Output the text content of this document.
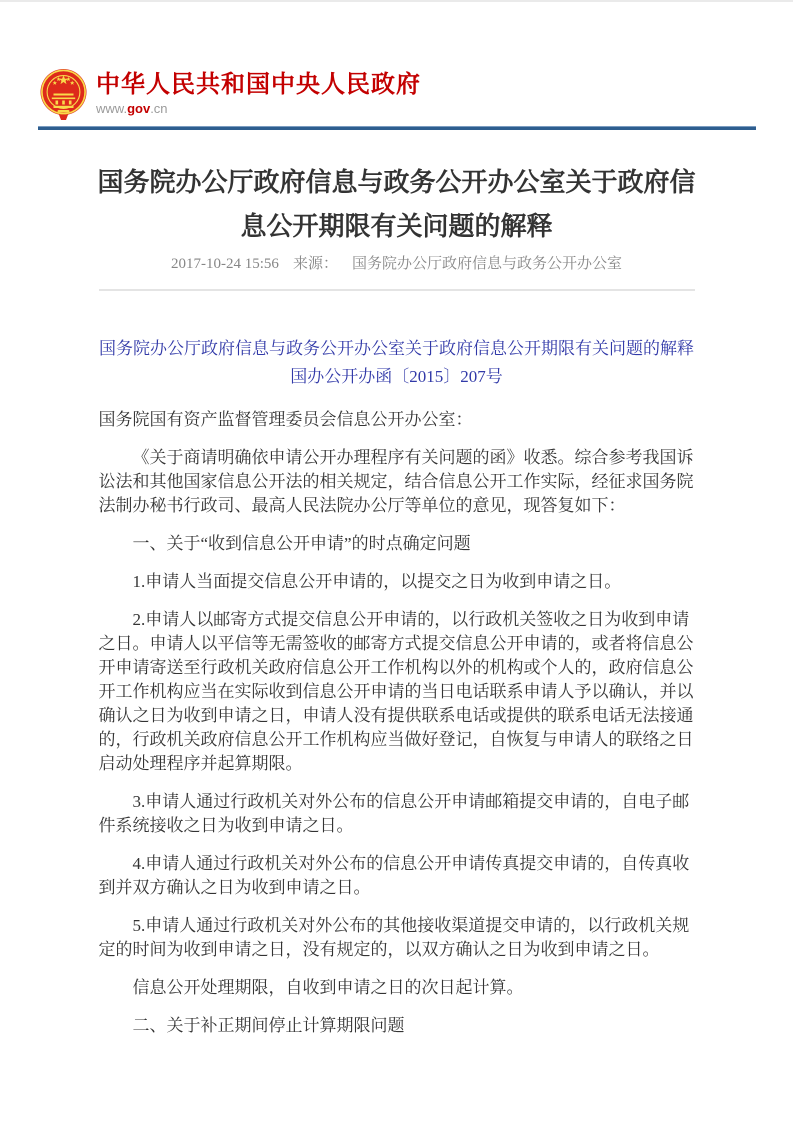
中华人民共和国中央人民政府
www.gov.cn
国务院办公厅政府信息与政务公开办公室关于政府信息公开期限有关问题的解释
2017-10-24 15:56 来源： 国务院办公厅政府信息与政务公开办公室
国务院办公厅政府信息与政务公开办公室关于政府信息公开期限有关问题的解释
国办公开办函〔2015〕207号
国务院国有资产监督管理委员会信息公开办公室：

《关于商请明确依申请公开办理程序有关问题的函》收悉。综合参考我国诉讼法和其他国家信息公开法的相关规定，结合信息公开工作实际，经征求国务院法制办秘书行政司、最高人民法院办公厅等单位的意见，现答复如下：

一、关于“收到信息公开申请”的时点确定问题

1.申请人当面提交信息公开申请的，以提交之日为收到申请之日。

2.申请人以邮寄方式提交信息公开申请的，以行政机关签收之日为收到申请之日。申请人以平信等无需签收的邮寄方式提交信息公开申请的，或者将信息公开申请寄送至行政机关政府信息公开工作机构以外的机构或个人的，政府信息公开工作机构应当在实际收到信息公开申请的当日电话联系申请人予以确认，并以确认之日为收到申请之日，申请人没有提供联系电话或提供的联系电话无法接通的，行政机关政府信息公开工作机构应当做好登记，自恢复与申请人的联络之日启动处理程序并起算期限。

3.申请人通过行政机关对外公布的信息公开申请邮箱提交申请的，自电子邮件系统接收之日为收到申请之日。

4.申请人通过行政机关对外公布的信息公开申请传真提交申请的，自传真收到并双方确认之日为收到申请之日。

5.申请人通过行政机关对外公布的其他接收渠道提交申请的，以行政机关规定的时间为收到申请之日，没有规定的，以双方确认之日为收到申请之日。

信息公开处理期限，自收到申请之日的次日起计算。

二、关于补正期间停止计算期限问题
